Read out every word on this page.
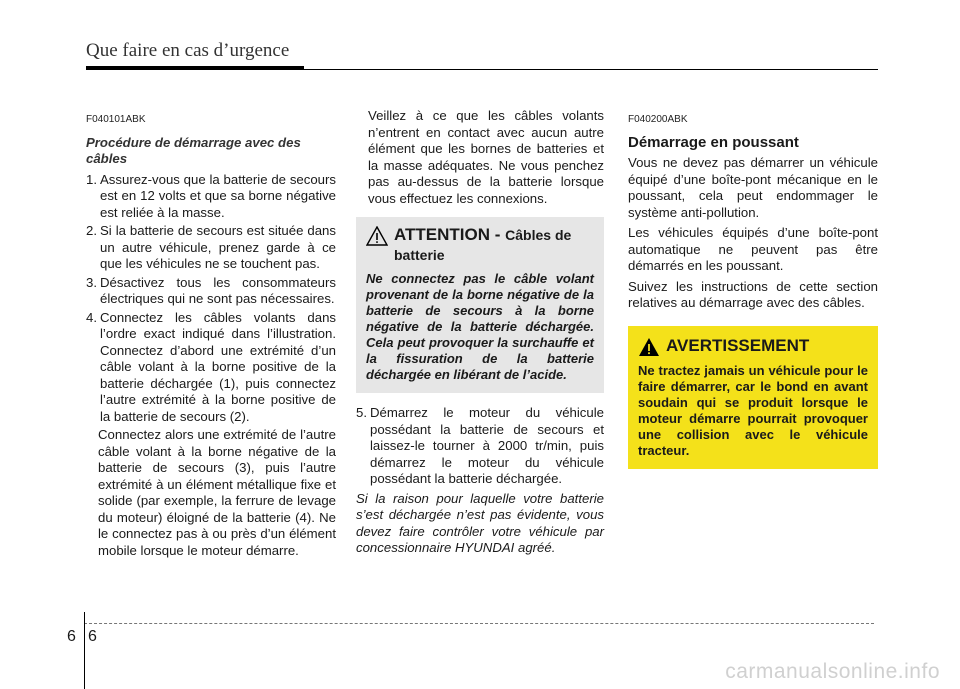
Que faire en cas d’urgence
F040101ABK
Procédure de démarrage avec des câbles
1. Assurez-vous que la batterie de secours est en 12 volts et que sa borne négative est reliée à la masse.
2. Si la batterie de secours est située dans un autre véhicule, prenez garde à ce que les véhicules ne se touchent pas.
3. Désactivez tous les consommateurs électriques qui ne sont pas nécessaires.
4. Connectez les câbles volants dans l’ordre exact indiqué dans l’illustration. Connectez d’abord une extrémité d’un câble volant à la borne positive de la batterie déchargée (1), puis connectez l’autre extrémité à la borne positive de la batterie de secours (2).

Connectez alors une extrémité de l’autre câble volant à la borne négative de la batterie de secours (3), puis l’autre extrémité à un élément métallique fixe et solide (par exemple, la ferrure de levage du moteur) éloigné de la batterie (4). Ne le connectez pas à ou près d’un élément mobile lorsque le moteur démarre.

Veillez à ce que les câbles volants n’entrent en contact avec aucun autre élément que les bornes de batteries et la masse adéquates. Ne vous penchez pas au-dessus de la batterie lorsque vous effectuez les connexions.

ATTENTION - Câbles de batterie
Ne connectez pas le câble volant provenant de la borne négative de la batterie de secours à la borne négative de la batterie déchargée. Cela peut provoquer la surchauffe et la fissuration de la batterie déchargée en libérant de l’acide.
5. Démarrez le moteur du véhicule possédant la batterie de secours et laissez-le tourner à 2000 tr/min, puis démarrez le moteur du véhicule possédant la batterie déchargée.
Si la raison pour laquelle votre batterie s’est déchargée n’est pas évidente, vous devez faire contrôler votre véhicule par concessionnaire HYUNDAI agréé.
F040200ABK
Démarrage en poussant

Vous ne devez pas démarrer un véhicule équipé d’une boîte-pont mécanique en le poussant, cela peut endommager le système anti-pollution.

Les véhicules équipés d’une boîte-pont automatique ne peuvent pas être démarrés en les poussant.

Suivez les instructions de cette section relatives au démarrage avec des câbles.

AVERTISSEMENT
Ne tractez jamais un véhicule pour le faire démarrer, car le bond en avant soudain qui se produit lorsque le moteur démarre pourrait provoquer une collision avec le véhicule tracteur.
6 6
carmanualsonline.info
